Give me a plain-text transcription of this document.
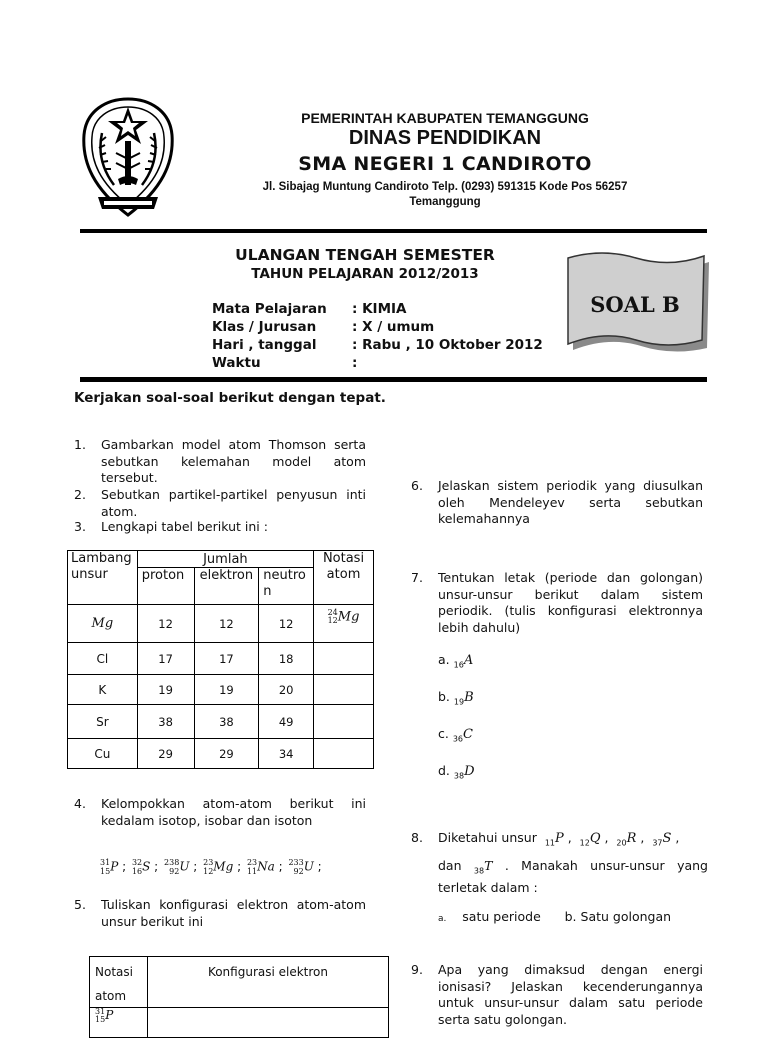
PEMERINTAH KABUPATEN TEMANGGUNG
DINAS PENDIDIKAN
SMA NEGERI 1 CANDIROTO
Jl. Sibajag Muntung Candiroto Telp. (0293) 591315 Kode Pos 56257
Temanggung
ULANGAN TENGAH SEMESTER
TAHUN PELAJARAN 2012/2013
Mata Pelajaran : KIMIA
Klas / Jurusan	: X / umum
Hari , tanggal	: Rabu , 10 Oktober 2012
Waktu	:
SOAL B
Kerjakan soal-soal berikut dengan tepat.
1. Gambarkan model atom Thomson serta sebutkan kelemahan model atom tersebut.
2. Sebutkan partikel-partikel penyusun inti atom.
3. Lengkapi tabel berikut ini :
Lambang unsur	Jumlah			Notasi atom
	proton	elektron	neutron	
Mg	12	12	12	24
12 Mg
Cl	17	17	18	
K	19	19	20	
Sr	38	38	49	
Cu	29	29	34	
4. Kelompokkan atom-atom berikut ini kedalam isotop, isobar dan isoton
31
15 P ; 32
16 S ; 238
92 U ; 23
12 Mg ; 23
11 Na ; 233
92 U ;
5. Tuliskan konfigurasi elektron atom-atom unsur berikut ini
Notasi
atom	Konfigurasi elektron

31
15 P	
6. Jelaskan sistem periodik yang diusulkan oleh Mendeleyev serta sebutkan kelemahannya
7. Tentukan letak (periode dan golongan) unsur-unsur berikut dalam sistem periodik. (tulis konfigurasi elektronnya lebih dahulu)
a. $_{16}$A
b. $_{19}$B
c. $_{36}$C
d. $_{38}$D
8. Diketahui unsur $_{11}$P ,  $_{12}$Q ,  $_{20}$R ,  $_{37}$S ,
dan $_{38}$T . Manakah unsur-unsur yang terletak dalam :
a. satu periode b. Satu golongan
9. Apa yang dimaksud dengan energi ionisasi? Jelaskan kecenderungannya untuk unsur-unsur dalam satu periode serta satu golongan.
